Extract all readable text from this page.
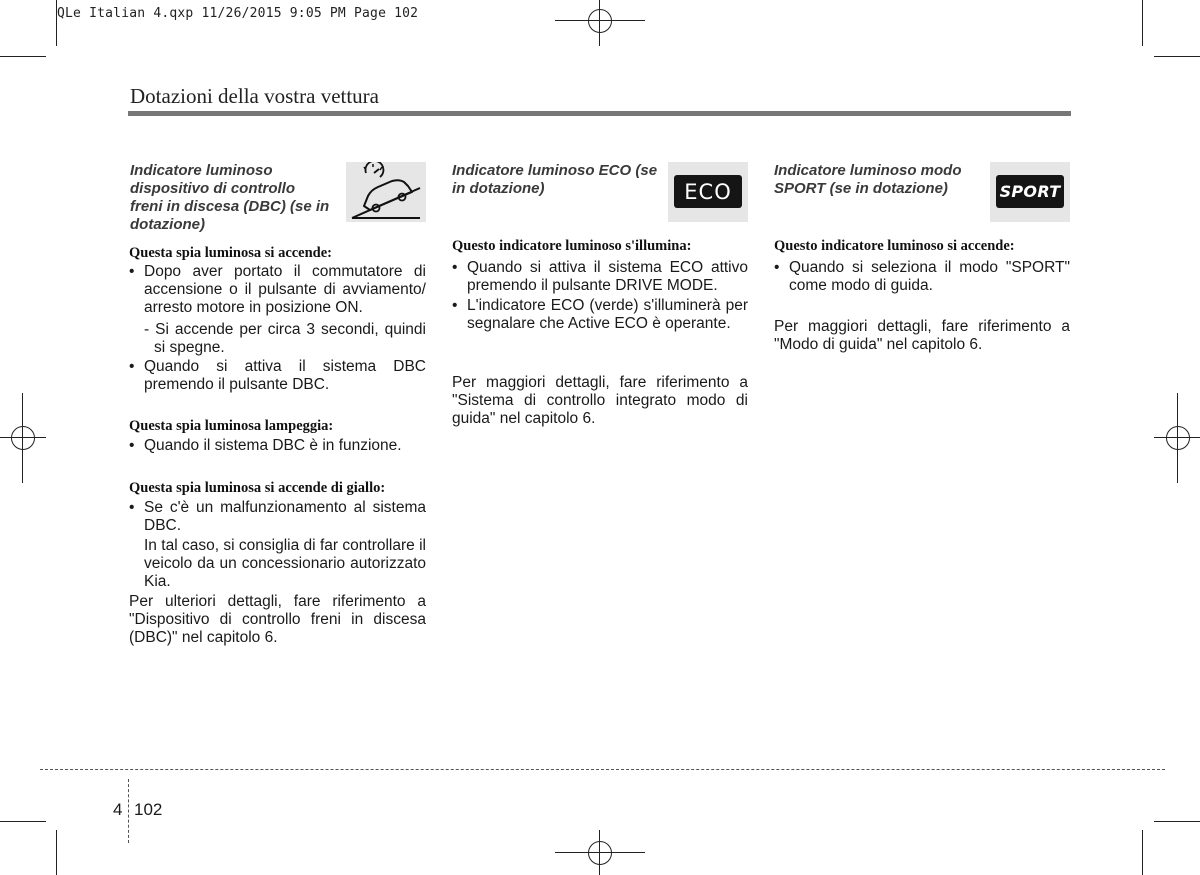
QLe Italian 4.qxp 11/26/2015 9:05 PM Page 102
Dotazioni della vostra vettura
Indicatore luminoso dispositivo di controllo freni in discesa (DBC) (se in dotazione)
Questa spia luminosa si accende:
• Dopo aver portato il commutatore di accensione o il pulsante di avviamento/ arresto motore in posizione ON.
- Si accende per circa 3 secondi, quindi si spegne.
• Quando si attiva il sistema DBC premendo il pulsante DBC.
Questa spia luminosa lampeggia:
• Quando il sistema DBC è in funzione.
Questa spia luminosa si accende di giallo:
• Se c'è un malfunzionamento al sistema DBC.
In tal caso, si consiglia di far controllare il veicolo da un concessionario autorizzato Kia.
Per ulteriori dettagli, fare riferimento a "Dispositivo di controllo freni in discesa (DBC)" nel capitolo 6.
Indicatore luminoso ECO (se in dotazione)	ECO
Questo indicatore luminoso s'illumina:
• Quando si attiva il sistema ECO attivo premendo il pulsante DRIVE MODE.
• L'indicatore ECO (verde) s'illuminerà per segnalare che Active ECO è operante.
Per maggiori dettagli, fare riferimento a "Sistema di controllo integrato modo di guida" nel capitolo 6.
Indicatore luminoso modo SPORT (se in dotazione)	SPORT
Questo indicatore luminoso si accende:
• Quando si seleziona il modo "SPORT" come modo di guida.
Per maggiori dettagli, fare riferimento a "Modo di guida" nel capitolo 6.
4 102
